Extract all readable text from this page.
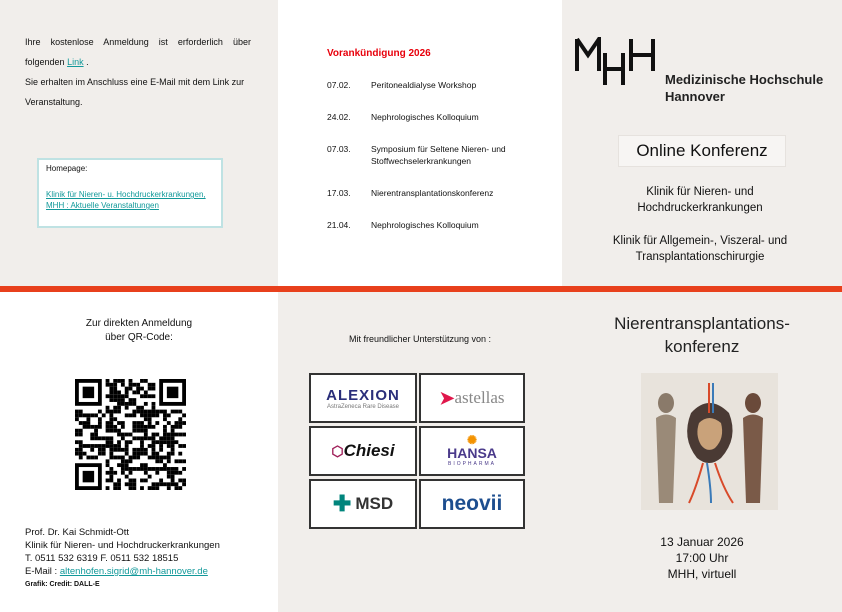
Ihre kostenlose Anmeldung ist erforderlich über folgenden Link .

Sie erhalten im Anschluss eine E-Mail mit dem Link zur Veranstaltung.

Homepage:
Klinik für Nieren- u. Hochdruckerkrankungen, MHH : Aktuelle Veranstaltungen
Vorankündigung 2026
07.02.	Peritonealdialyse Workshop
24.02.	Nephrologisches Kolloquium
07.03.	Symposium für Seltene Nieren- und Stoffwechselerkrankungen
17.03.	Nierentransplantationskonferenz
21.04.	Nephrologisches Kolloquium
Medizinische Hochschule
Hannover
Online Konferenz
Klinik für Nieren- und Hochdruckerkrankungen
Klinik für Allgemein-, Viszeral- und Transplantationschirurgie
Zur direkten Anmeldung
über QR-Code:
Prof. Dr. Kai Schmidt-Ott
Klinik für Nieren- und Hochdruckerkrankungen
T. 0511 532 6319 F. 0511 532 18515
E-Mail : altenhofen.sigrid@mh-hannover.de
Grafik: Credit: DALL-E
Mit freundlicher Unterstützung von :
ALEXION
AstraZeneca Rare Disease ➤ astellas
⬡ Chiesi
✺
HANSA
BIOPHARMA
✚ MSD neovii
Nierentransplantations-
konferenz
13 Januar 2026
17:00 Uhr
MHH, virtuell
